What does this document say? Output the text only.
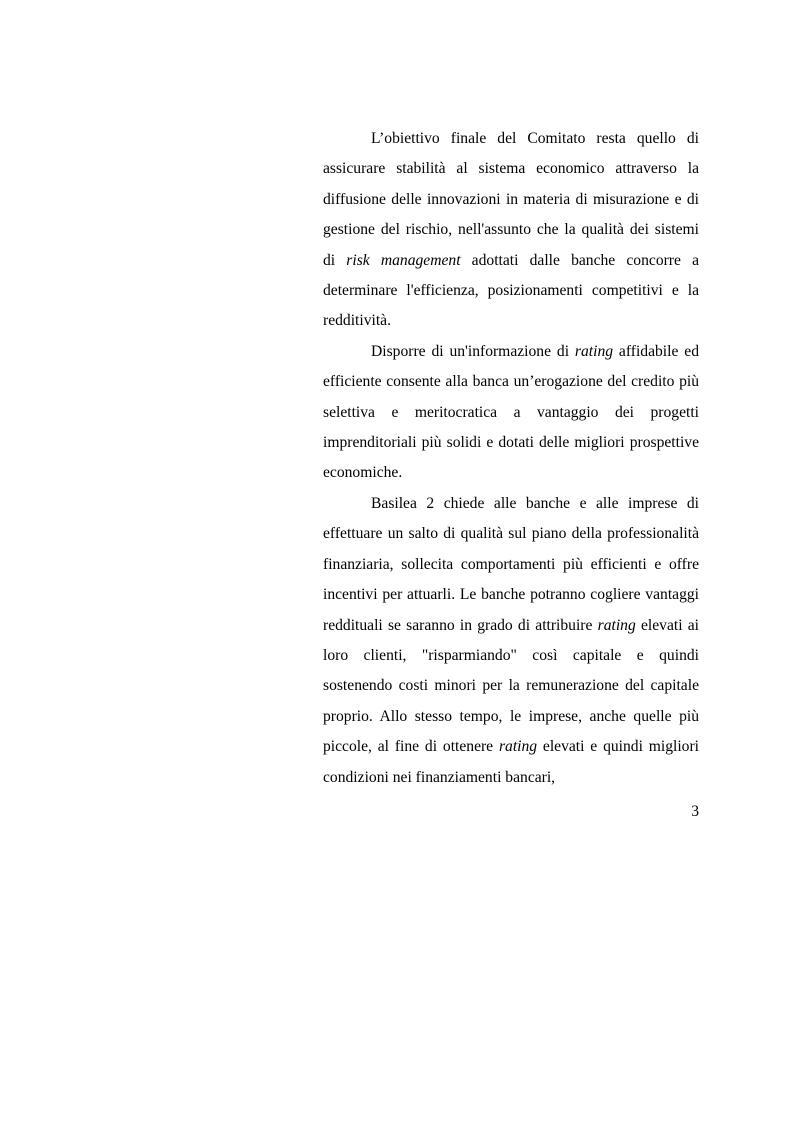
L’obiettivo finale del Comitato resta quello di assicurare stabilità al sistema economico attraverso la diffusione delle innovazioni in materia di misurazione e di gestione del rischio, nell'assunto che la qualità dei sistemi di risk management adottati dalle banche concorre a determinare l'efficienza, posizionamenti competitivi e la redditività.

Disporre di un'informazione di rating affidabile ed efficiente consente alla banca un’erogazione del credito più selettiva e meritocratica a vantaggio dei progetti imprenditoriali più solidi e dotati delle migliori prospettive economiche.

Basilea 2 chiede alle banche e alle imprese di effettuare un salto di qualità sul piano della professionalità finanziaria, sollecita comportamenti più efficienti e offre incentivi per attuarli. Le banche potranno cogliere vantaggi reddituali se saranno in grado di attribuire rating elevati ai loro clienti, "risparmiando" così capitale e quindi sostenendo costi minori per la remunerazione del capitale proprio. Allo stesso tempo, le imprese, anche quelle più piccole, al fine di ottenere rating elevati e quindi migliori condizioni nei finanziamenti bancari,

3
